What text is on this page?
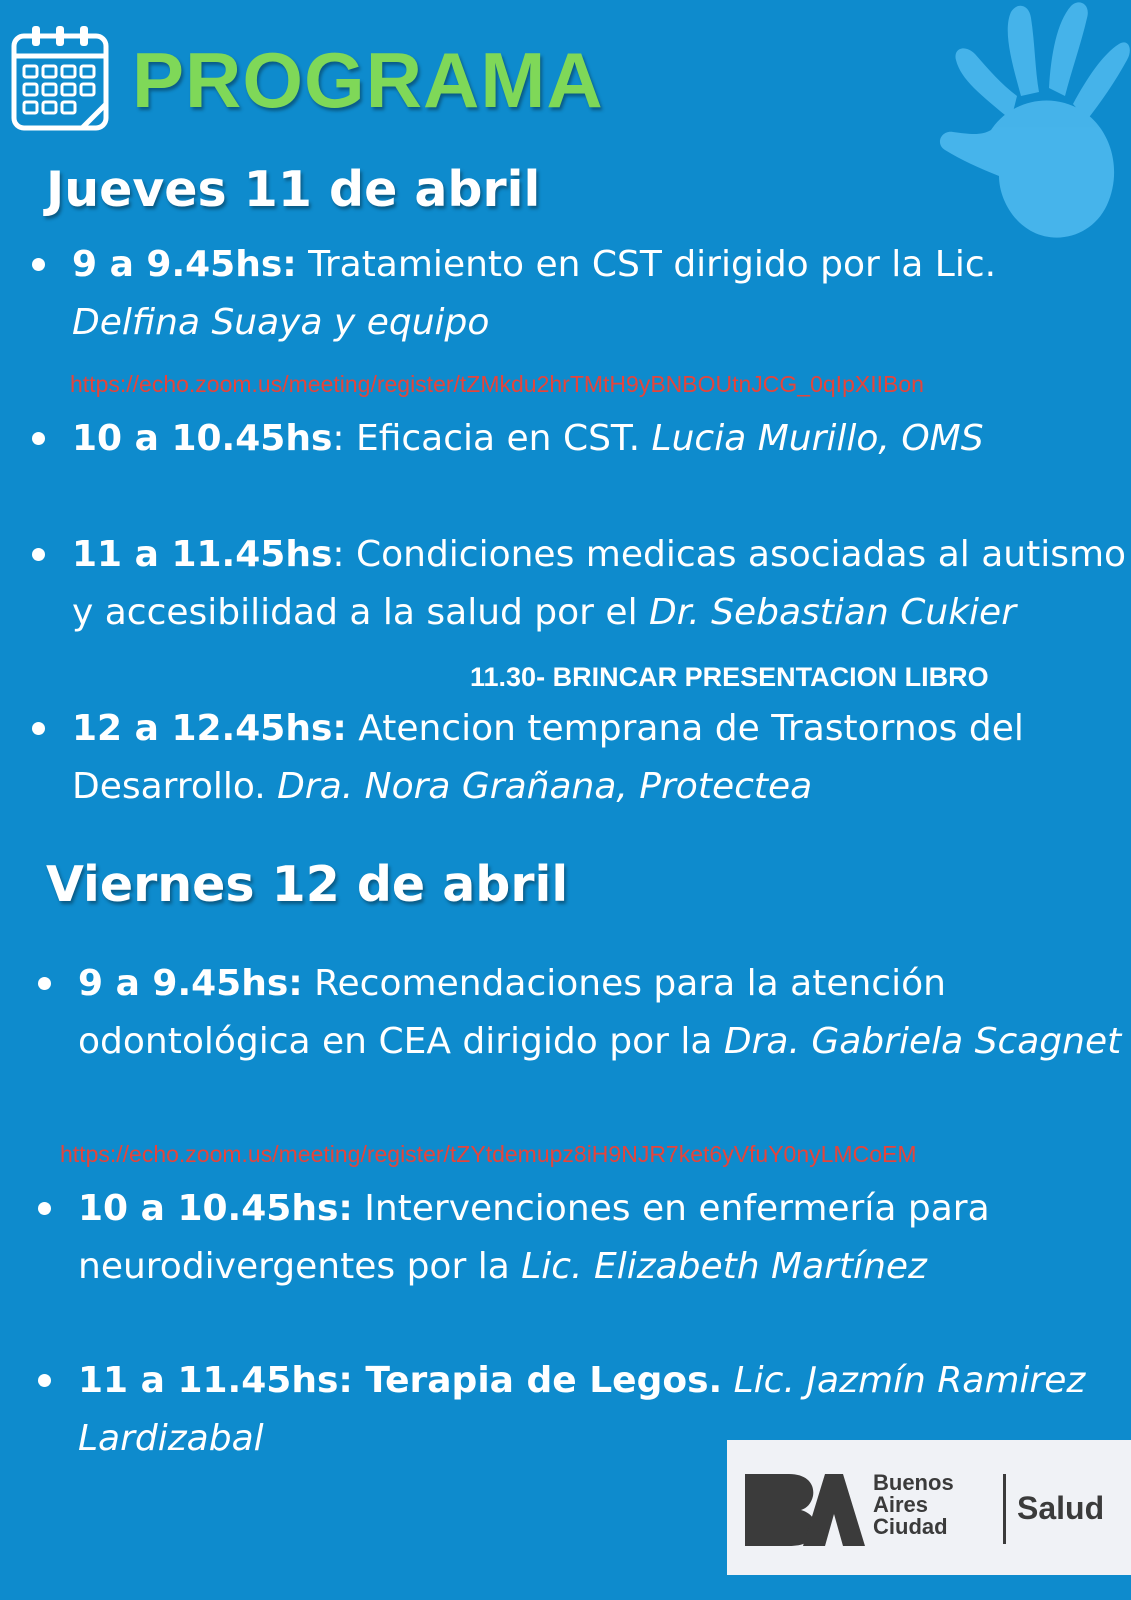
PROGRAMA
Jueves 11 de abril
9 a 9.45hs: Tratamiento en CST dirigido por la Lic.
Delfina Suaya y equipo
https://echo.zoom.us/meeting/register/tZMkdu2hrTMtH9yBNBOUtnJCG_0qIpXIIBon
10 a 10.45hs: Eficacia en CST. Lucia Murillo, OMS
11 a 11.45hs: Condiciones medicas asociadas al autismo y accesibilidad a la salud por el Dr. Sebastian Cukier
11.30- BRINCAR PRESENTACION LIBRO
12 a 12.45hs: Atencion temprana de Trastornos del Desarrollo. Dra. Nora Grañana, Protectea
Viernes 12 de abril
9 a 9.45hs: Recomendaciones para la atención odontológica en CEA dirigido por la Dra. Gabriela Scagnet
https://echo.zoom.us/meeting/register/tZYtdemupz8iH9NJR7ket6yVfuY0nyLMCoEM
10 a 10.45hs: Intervenciones en enfermería para neurodivergentes por la Lic. Elizabeth Martínez
11 a 11.45hs: Terapia de Legos. Lic. Jazmín Ramirez Lardizabal
Buenos
Aires
Ciudad
Salud
